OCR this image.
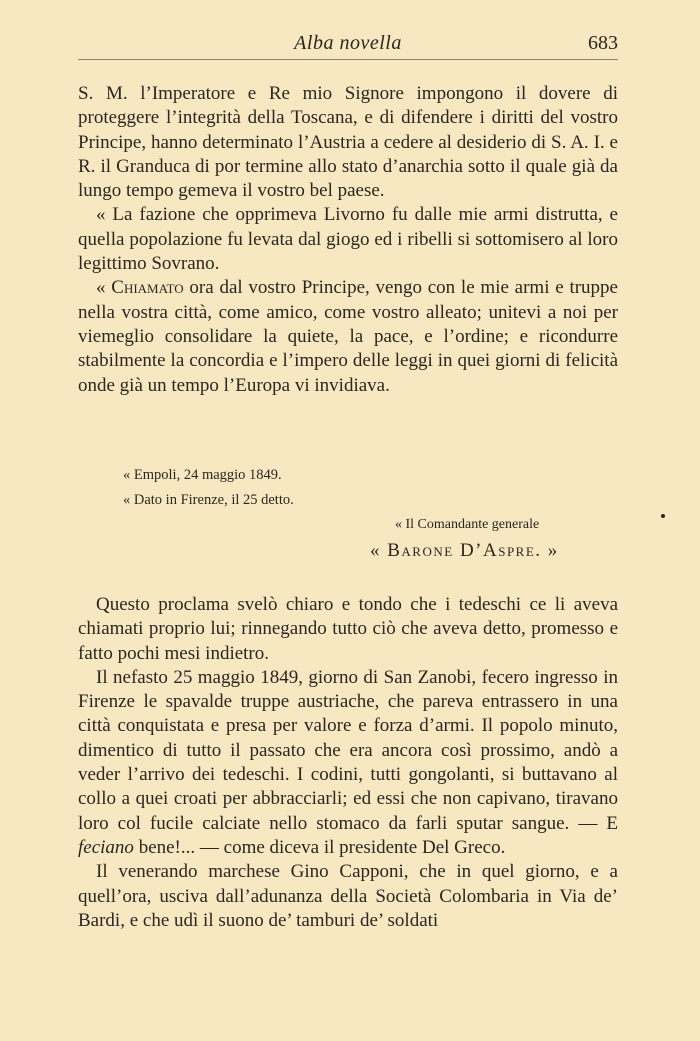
Alba novella	683

S. M. l’Imperatore e Re mio Signore impongono il dovere di proteggere l’integrità della Toscana, e di difendere i diritti del vostro Principe, hanno determinato l’Austria a cedere al desiderio di S. A. I. e R. il Granduca di por termine allo stato d’anarchia sotto il quale già da lungo tempo gemeva il vostro bel paese.

« La fazione che opprimeva Livorno fu dalle mie armi distrutta, e quella popolazione fu levata dal giogo ed i ribelli si sottomisero al loro legittimo Sovrano.

« Chiamato ora dal vostro Principe, vengo con le mie armi e truppe nella vostra città, come amico, come vostro alleato; unitevi a noi per viemeglio consolidare la quiete, la pace, e l’ordine; e ricondurre stabilmente la concordia e l’impero delle leggi in quei giorni di felicità onde già un tempo l’Europa vi invidiava.

« Empoli, 24 maggio 1849.
« Dato in Firenze, il 25 detto.
« Il Comandante generale
« Barone D’Aspre. »

Questo proclama svelò chiaro e tondo che i tedeschi ce li aveva chiamati proprio lui; rinnegando tutto ciò che aveva detto, promesso e fatto pochi mesi indietro.

Il nefasto 25 maggio 1849, giorno di San Zanobi, fecero ingresso in Firenze le spavalde truppe austriache, che pareva entrassero in una città conquistata e presa per valore e forza d’armi. Il popolo minuto, dimentico di tutto il passato che era ancora così prossimo, andò a veder l’arrivo dei tedeschi. I codini, tutti gongolanti, si buttavano al collo a quei croati per abbracciarli; ed essi che non capivano, tiravano loro col fucile calciate nello stomaco da farli sputar sangue. — E feciano bene!... — come diceva il presidente Del Greco.

Il venerando marchese Gino Capponi, che in quel giorno, e a quell’ora, usciva dall’adunanza della Società Colombaria in Via de’ Bardi, e che udì il suono de’ tamburi de’ soldati
